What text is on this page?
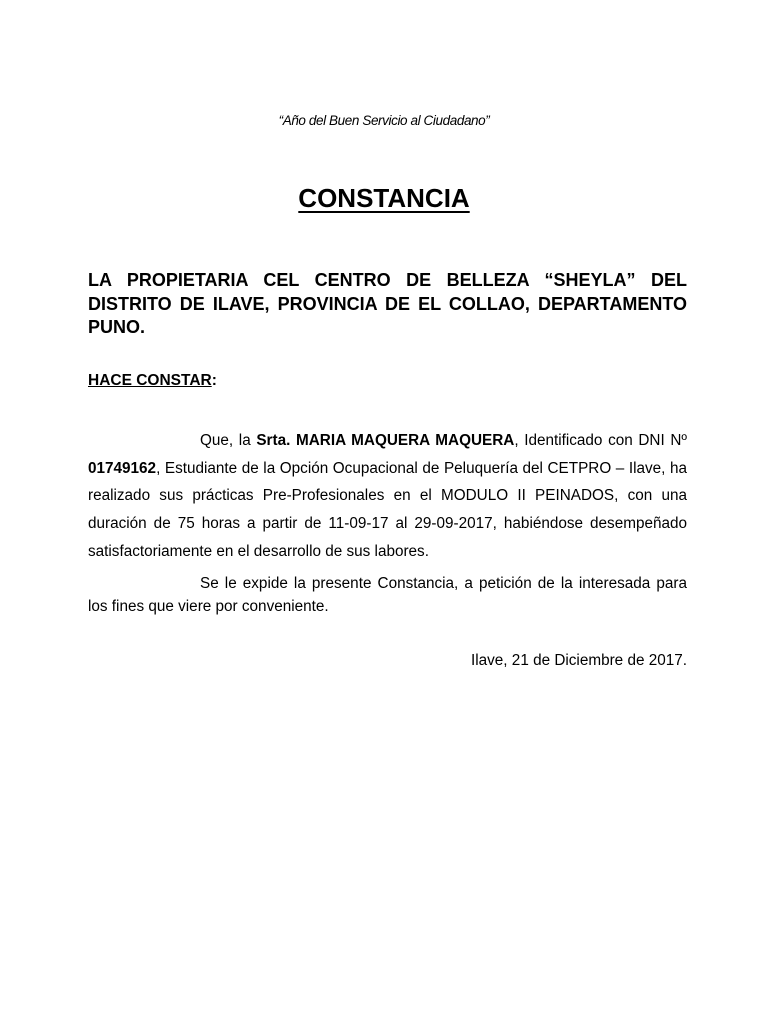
“Año del Buen Servicio al Ciudadano”
CONSTANCIA
LA PROPIETARIA CEL CENTRO DE BELLEZA “SHEYLA” DEL DISTRITO DE ILAVE, PROVINCIA DE EL COLLAO, DEPARTAMENTO PUNO.
HACE CONSTAR:
Que, la Srta. MARIA MAQUERA MAQUERA, Identificado con DNI Nº 01749162, Estudiante de la Opción Ocupacional de Peluquería del CETPRO – Ilave, ha realizado sus prácticas Pre-Profesionales en el MODULO II PEINADOS, con una duración de 75 horas a partir de 11-09-17 al 29-09-2017, habiéndose desempeñado satisfactoriamente en el desarrollo de sus labores.
Se le expide la presente Constancia, a petición de la interesada para los fines que viere por conveniente.
Ilave, 21 de Diciembre de 2017.
